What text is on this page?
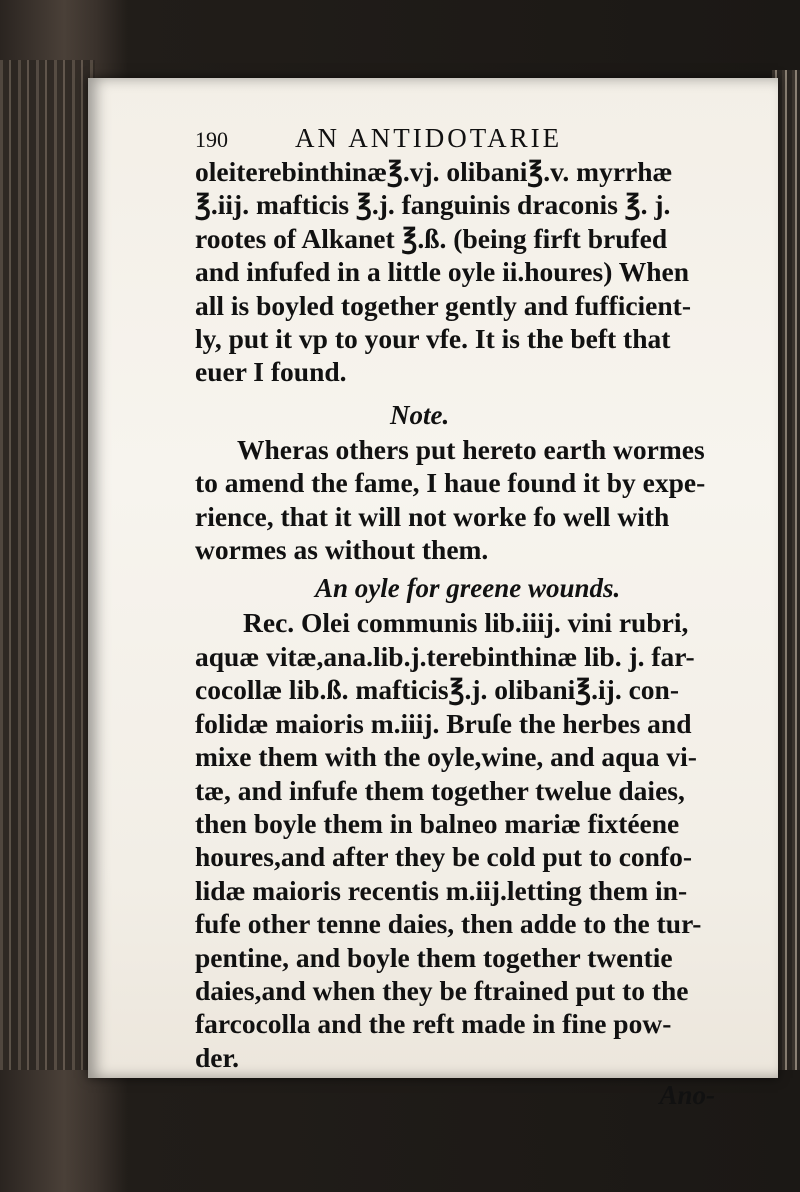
190 AN ANTIDOTARIE
oleiterebinthinæ℥.vj. olibani℥.v. myrrhæ
℥.iij. mafticis ℥.j. fanguinis draconis ℥. j.
rootes of Alkanet ℥.ß. (being firft brufed
and infufed in a little oyle ii.houres) When
all is boyled together gently and fufficient-
ly, put it vp to your vfe. It is the beft that
euer I found.
Note.
Wheras others put hereto earth wormes
to amend the fame, I haue found it by expe-
rience, that it will not worke fo well with
wormes as without them.
An oyle for greene wounds.
Rec. Olei communis lib.iiij. vini rubri,
aquæ vitæ,ana.lib.j.terebinthinæ lib. j. far-
cocollæ lib.ß. mafticis℥.j. olibani℥.ij. con-
folidæ maioris m.iiij. Bruſe the herbes and
mixe them with the oyle,wine, and aqua vi-
tæ, and infufe them together twelue daies,
then boyle them in balneo mariæ fixtéene
houres,and after they be cold put to confo-
lidæ maioris recentis m.iij.letting them in-
fufe other tenne daies, then adde to the tur-
pentine, and boyle them together twentie
daies,and when they be ftrained put to the
farcocolla and the reft made in fine pow-
der.
Ano-
